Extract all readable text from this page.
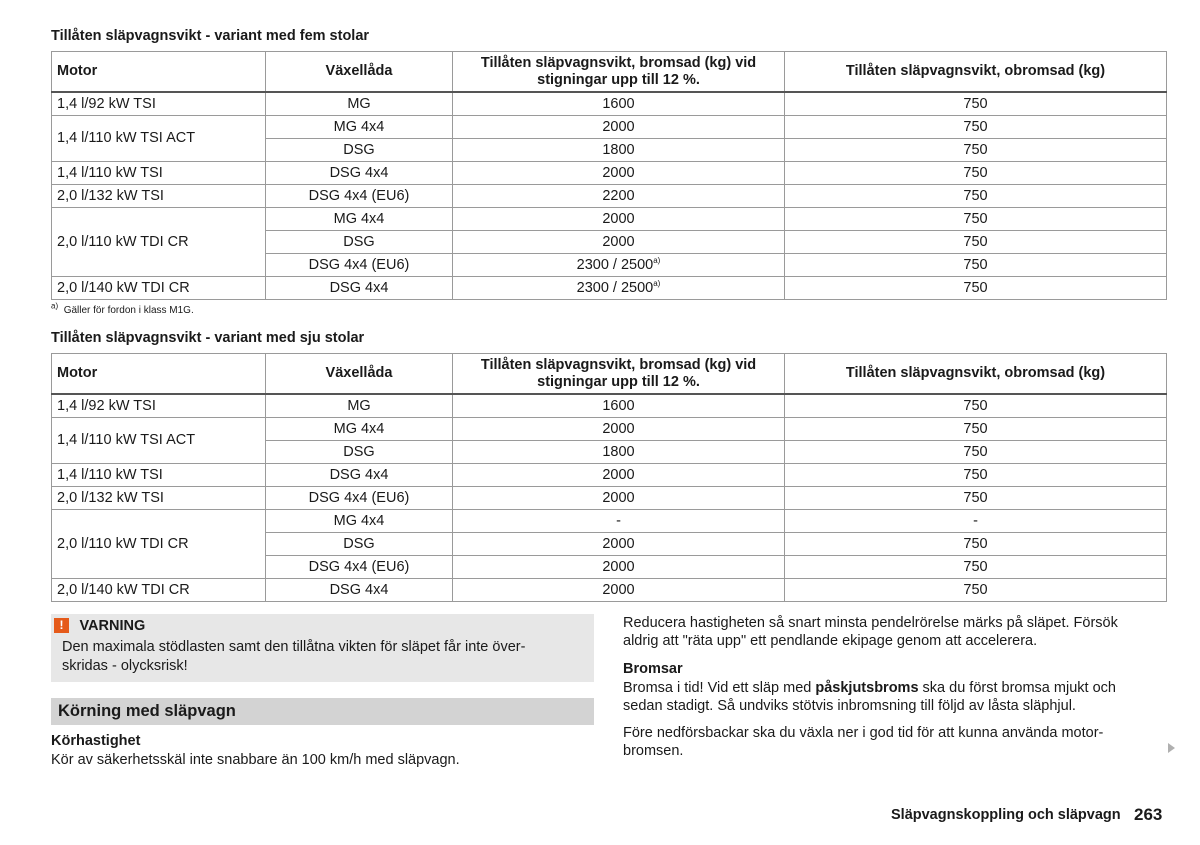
Tillåten släpvagnsvikt - variant med fem stolar
Motor	Växellåda	Tillåten släpvagnsvikt, bromsad (kg) vid stigningar upp till 12 %.	Tillåten släpvagnsvikt, obromsad (kg)
1,4 l/92 kW TSI	MG	1600	750
1,4 l/110 kW TSI ACT	MG 4x4	2000	750
	DSG	1800	750
1,4 l/110 kW TSI	DSG 4x4	2000	750
2,0 l/132 kW TSI	DSG 4x4 (EU6)	2200	750
2,0 l/110 kW TDI CR	MG 4x4	2000	750
	DSG	2000	750
	DSG 4x4 (EU6)	2300 / 2500$^{a)}$	750
2,0 l/140 kW TDI CR	DSG 4x4	2300 / 2500$^{a)}$	750
$^{a)}$ Gäller för fordon i klass M1G.
Tillåten släpvagnsvikt - variant med sju stolar
Motor	Växellåda	Tillåten släpvagnsvikt, bromsad (kg) vid stigningar upp till 12 %.	Tillåten släpvagnsvikt, obromsad (kg)
1,4 l/92 kW TSI	MG	1600	750
1,4 l/110 kW TSI ACT	MG 4x4	2000	750
	DSG	1800	750
1,4 l/110 kW TSI	DSG 4x4	2000	750
2,0 l/132 kW TSI	DSG 4x4 (EU6)	2000	750
2,0 l/110 kW TDI CR	MG 4x4	-	-
	DSG	2000	750
	DSG 4x4 (EU6)	2000	750
2,0 l/140 kW TDI CR	DSG 4x4	2000	750
! VARNING
Den maximala stödlasten samt den tillåtna vikten för släpet får inte över-
skridas - olycksrisk!
Körning med släpvagn
Körhastighet
Kör av säkerhetsskäl inte snabbare än 100 km/h med släpvagn.
Reducera hastigheten så snart minsta pendelrörelse märks på släpet. Försök
aldrig att "räta upp" ett pendlande ekipage genom att accelerera.
Bromsar
Bromsa i tid! Vid ett släp med påskjutsbroms ska du först bromsa mjukt och
sedan stadigt. Så undviks stötvis inbromsning till följd av låsta släphjul.
Före nedförsbackar ska du växla ner i god tid för att kunna använda motor-
bromsen.
Släpvagnskoppling och släpvagn 263
